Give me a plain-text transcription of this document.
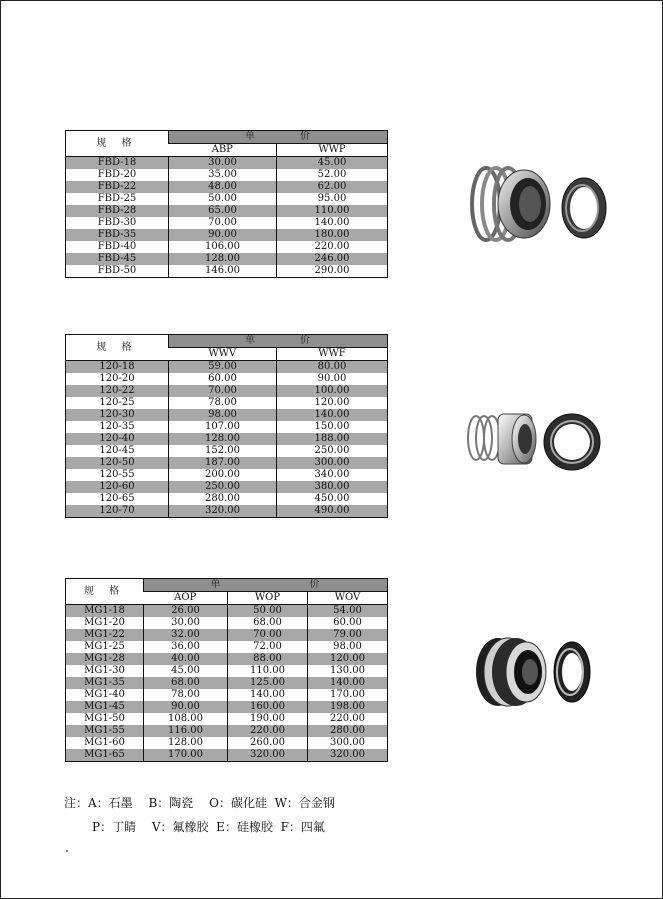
规 格	单　　　　价	
	ABP	WWP
FBD-18	30.00	45.00
FBD-20	35.00	52.00
FBD-22	48.00	62.00
FBD-25	50.00	95.00
FBD-28	65.00	110.00
FBD-30	70.00	140.00
FBD-35	90.00	180.00
FBD-40	106.00	220.00
FBD-45	128.00	246.00
FBD-50	146.00	290.00
规 格	单　　　　价	
	WWV	WWF
120-18	59.00	80.00
120-20	60.00	90.00
120-22	70.00	100.00
120-25	78.00	120.00
120-30	98.00	140.00
120-35	107.00	150.00
120-40	128.00	188.00
120-45	152.00	250.00
120-50	187.00	300.00
120-55	200.00	340.00
120-60	250.00	380.00
120-65	280.00	450.00
120-70	320.00	490.00
规 格	单　　　　　　　　价		
	AOP	WOP	WOV
MG1-18	26.00	50.00	54.00
MG1-20	30.00	68.00	60.00
MG1-22	32.00	70.00	79.00
MG1-25	36.00	72.00	98.00
MG1-28	40.00	88.00	120.00
MG1-30	45.00	110.00	130.00
MG1-35	68.00	125.00	140.00
MG1-40	78.00	140.00	170.00
MG1-45	90.00	160.00	198.00
MG1-50	108.00	190.00	220.00
MG1-55	116.00	220.00	280.00
MG1-60	128.00	260.00	300.00
MG1-65	170.00	320.00	320.00
注：A：石墨　 B：陶瓷　 O：碳化硅  W：合金钢
P：丁睛　 V：氟橡胶  E：硅橡胶  F：四氟
